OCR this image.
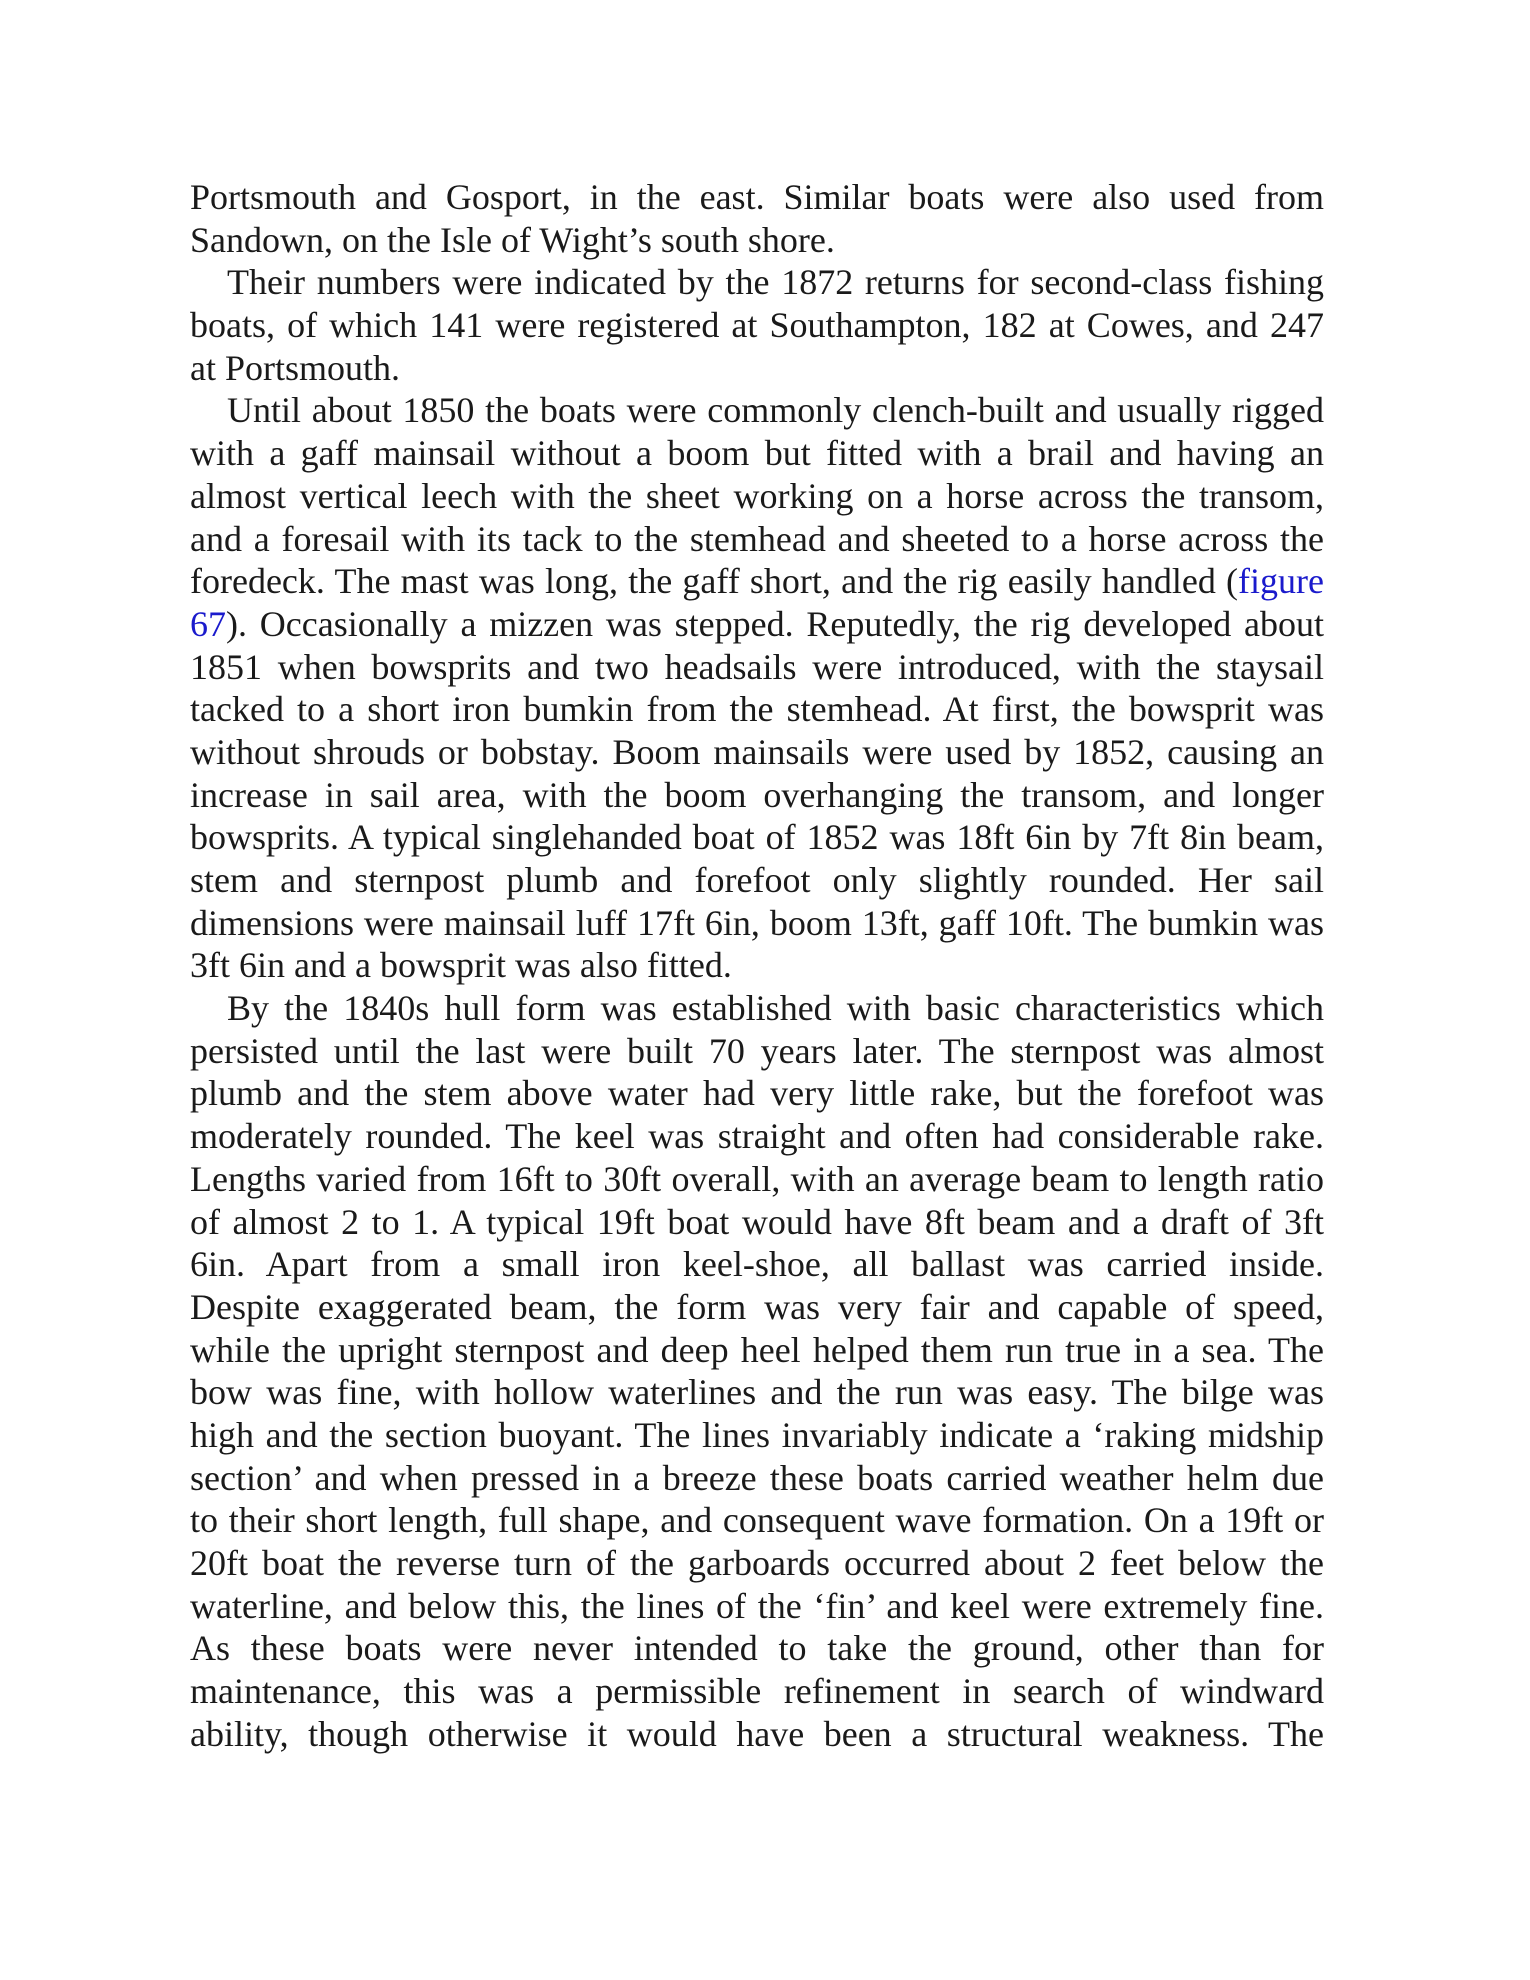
Portsmouth and Gosport, in the east. Similar boats were also used from
Sandown, on the Isle of Wight’s south shore.
Their numbers were indicated by the 1872 returns for second-class fishing
boats, of which 141 were registered at Southampton, 182 at Cowes, and 247
at Portsmouth.
Until about 1850 the boats were commonly clench-built and usually rigged
with a gaff mainsail without a boom but fitted with a brail and having an
almost vertical leech with the sheet working on a horse across the transom,
and a foresail with its tack to the stemhead and sheeted to a horse across the
foredeck. The mast was long, the gaff short, and the rig easily handled (figure
67). Occasionally a mizzen was stepped. Reputedly, the rig developed about
1851 when bowsprits and two headsails were introduced, with the staysail
tacked to a short iron bumkin from the stemhead. At first, the bowsprit was
without shrouds or bobstay. Boom mainsails were used by 1852, causing an
increase in sail area, with the boom overhanging the transom, and longer
bowsprits. A typical singlehanded boat of 1852 was 18ft 6in by 7ft 8in beam,
stem and sternpost plumb and forefoot only slightly rounded. Her sail
dimensions were mainsail luff 17ft 6in, boom 13ft, gaff 10ft. The bumkin was
3ft 6in and a bowsprit was also fitted.
By the 1840s hull form was established with basic characteristics which
persisted until the last were built 70 years later. The sternpost was almost
plumb and the stem above water had very little rake, but the forefoot was
moderately rounded. The keel was straight and often had considerable rake.
Lengths varied from 16ft to 30ft overall, with an average beam to length ratio
of almost 2 to 1. A typical 19ft boat would have 8ft beam and a draft of 3ft
6in. Apart from a small iron keel-shoe, all ballast was carried inside.
Despite exaggerated beam, the form was very fair and capable of speed,
while the upright sternpost and deep heel helped them run true in a sea. The
bow was fine, with hollow waterlines and the run was easy. The bilge was
high and the section buoyant. The lines invariably indicate a ‘raking midship
section’ and when pressed in a breeze these boats carried weather helm due
to their short length, full shape, and consequent wave formation. On a 19ft or
20ft boat the reverse turn of the garboards occurred about 2 feet below the
waterline, and below this, the lines of the ‘fin’ and keel were extremely fine.
As these boats were never intended to take the ground, other than for
maintenance, this was a permissible refinement in search of windward
ability, though otherwise it would have been a structural weakness. The
